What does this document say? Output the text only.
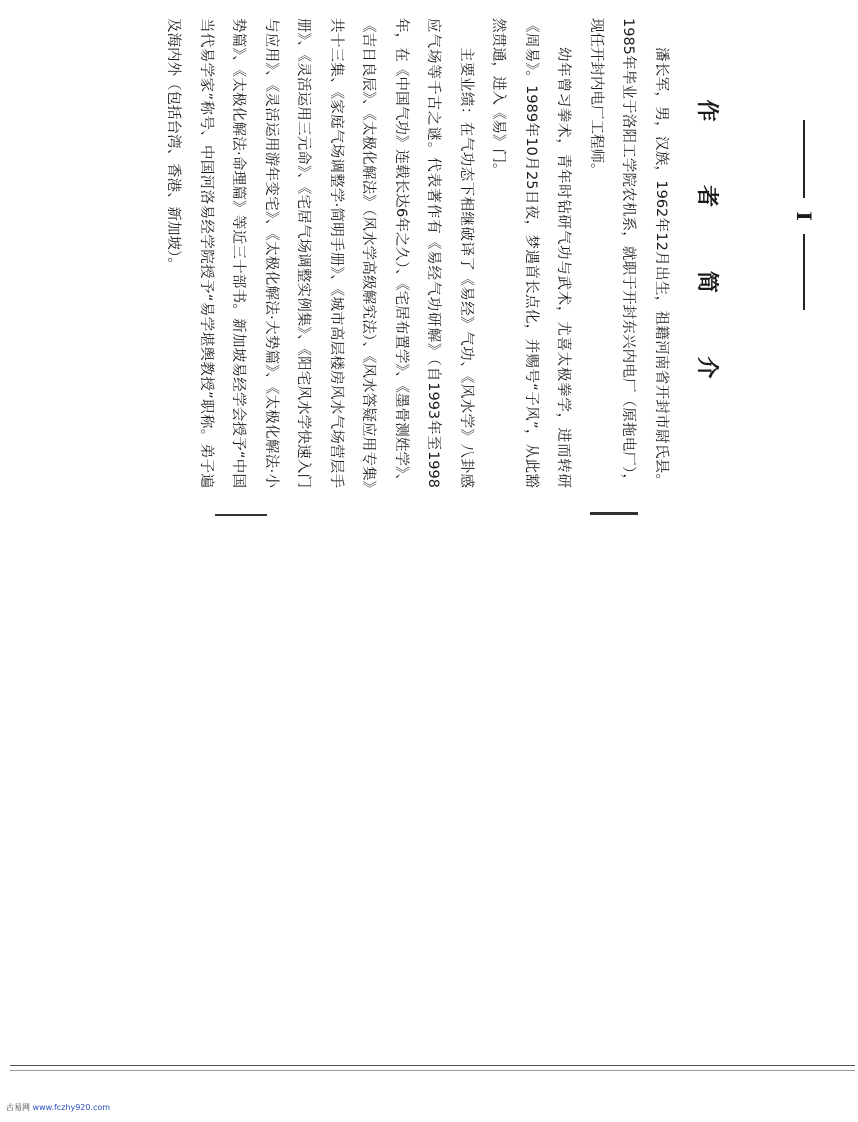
作 者 简 介

潘长军，男，汉族，1962年12月出生，祖籍河南省开封市尉氏县。1985年毕业于洛阳工学院农机系，就职于开封东兴内电厂（原拖电厂），现任开封内电厂工程师。

幼年曾习拳术，青年时钻研气功与武术，尤喜太极拳学，进而转研《周易》。1989年10月25日夜，梦遇首长点化，并赐号“子风”，从此豁然贯通，进入《易》门。

主要业绩：在气功态下相继破译了《易经》气功、《风水学》八卦感应气场等千古之谜。代表著作有《易经气功研解》（自1993年至1998年，在《中国气功》连载长达6年之久）、《宅居布置学》、《墨骨测姓学》、《吉日良辰》、《太极化解法》（风水学高级解究法）、《风水答疑应用专集》共十三集、《家庭气场调整学·简明手册》、《城市高层楼房风水气场营层手册》、《灵活运用三元命》、《宅居气场调整实例集》、《阳宅风水学快速入门与应用》、《灵活运用游年变宅》、《太极化解法·大势篇》、《太极化解法·小势篇》、《太极化解法·命理篇》等近三十部书。新加坡易经学会授予“中国当代易学家”称号、中国河洛易经学院授予“易学堪舆教授”职称。弟子遍及海内外（包括台湾、香港、新加坡）。	I
古易网 www.fczhy920.com
